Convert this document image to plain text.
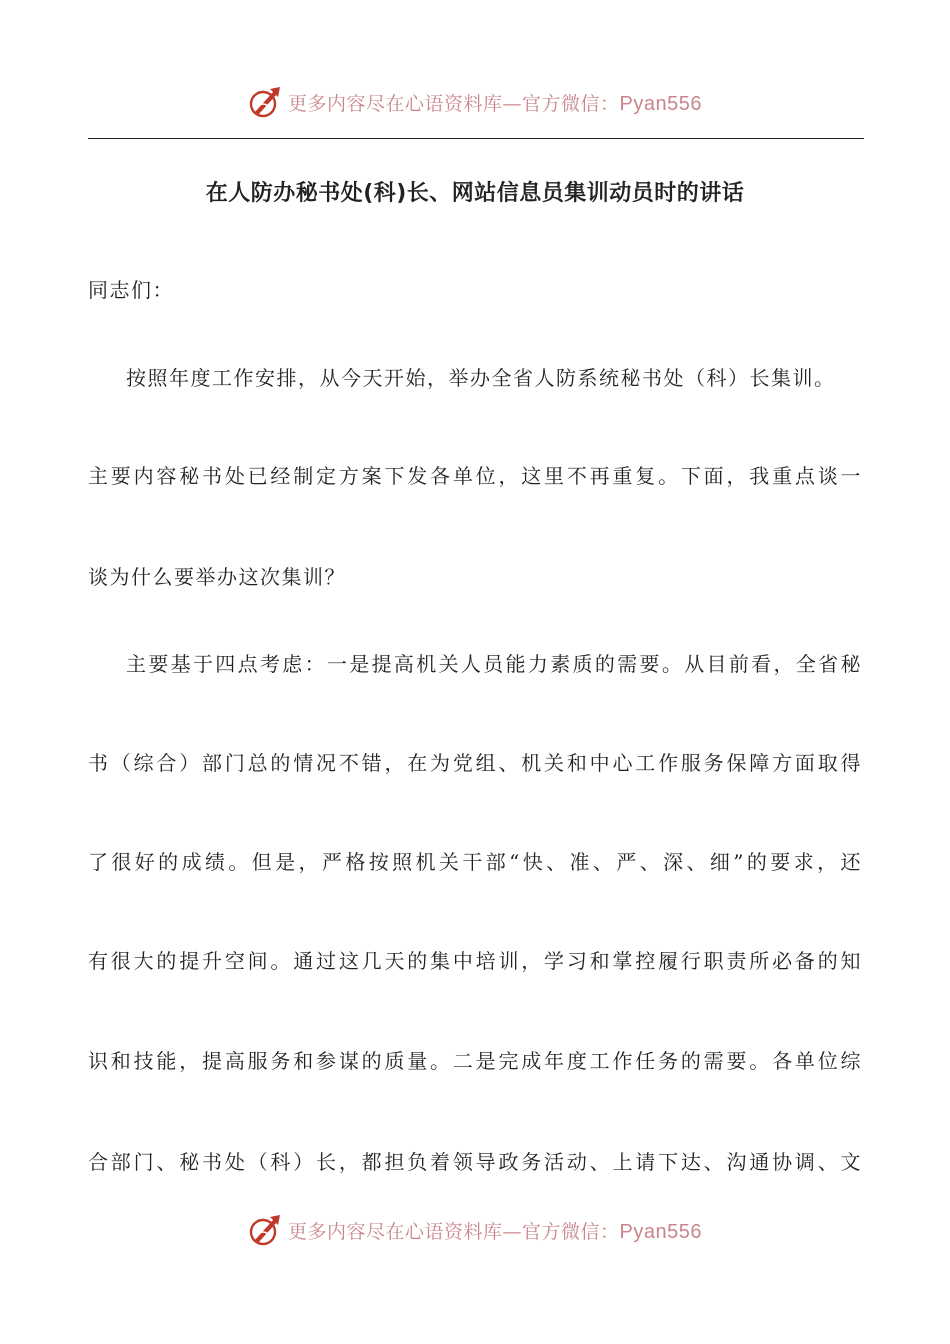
更多内容尽在心语资料库—官方微信：Pyan556
在人防办秘书处(科)长、网站信息员集训动员时的讲话
同志们：
按照年度工作安排，从今天开始，举办全省人防系统秘书处（科）长集训。
主要内容秘书处已经制定方案下发各单位，这里不再重复。下面，我重点谈一
谈为什么要举办这次集训？
主要基于四点考虑：一是提高机关人员能力素质的需要。从目前看，全省秘
书（综合）部门总的情况不错，在为党组、机关和中心工作服务保障方面取得
了很好的成绩。但是，严格按照机关干部“快、准、严、深、细”的要求，还
有很大的提升空间。通过这几天的集中培训，学习和掌控履行职责所必备的知
识和技能，提高服务和参谋的质量。二是完成年度工作任务的需要。各单位综
合部门、秘书处（科）长，都担负着领导政务活动、上请下达、沟通协调、文
更多内容尽在心语资料库—官方微信：Pyan556
